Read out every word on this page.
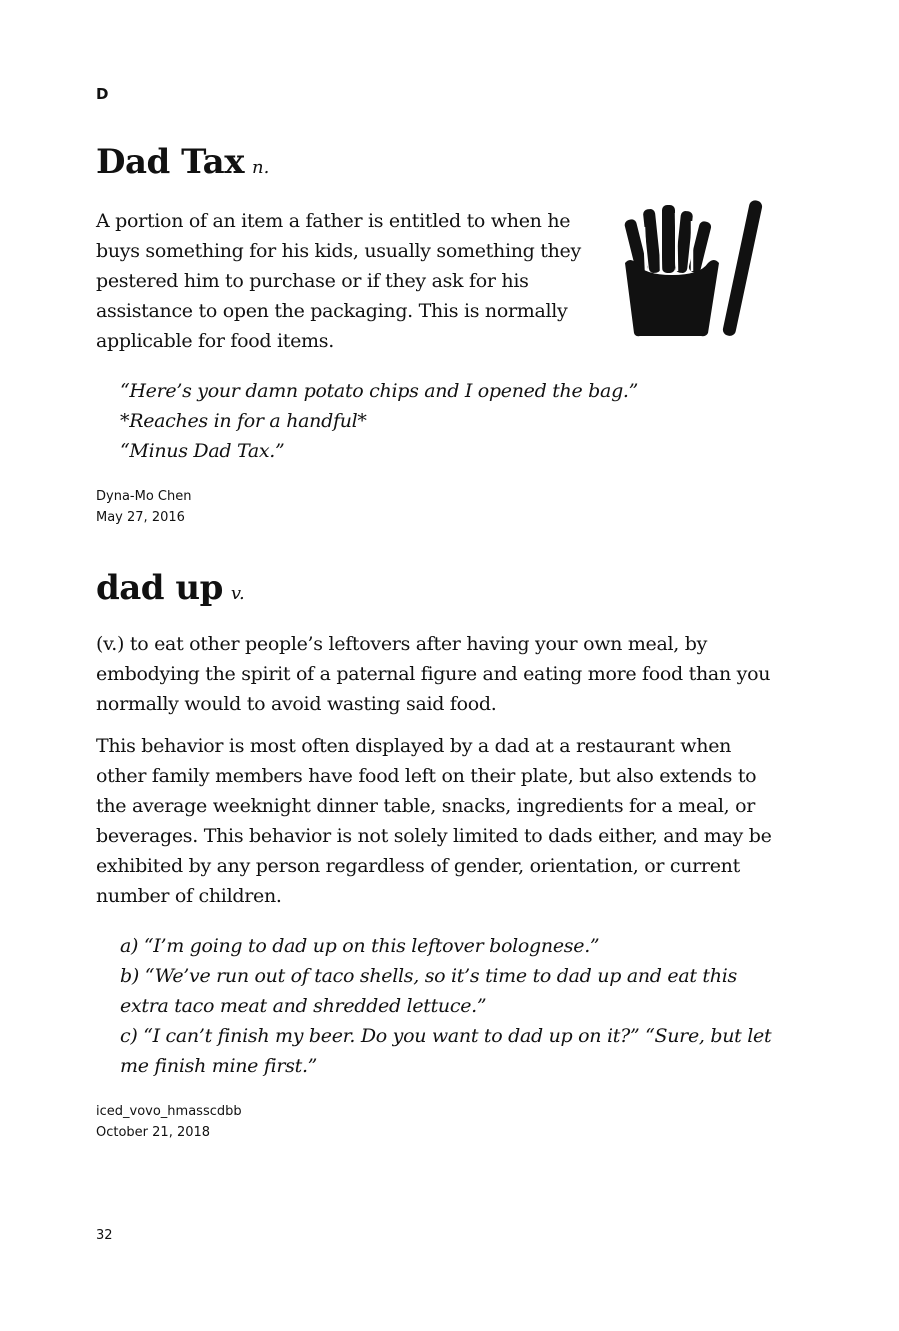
D
Dad Tax n.

A portion of an item a father is entitled to when he buys something for his kids, usually something they pestered him to purchase or if they ask for his assistance to open the packaging. This is normally applicable for food items.

“Here’s your damn potato chips and I opened the bag.”
*Reaches in for a handful*
“Minus Dad Tax.”
Dyna-Mo Chen
May 27, 2016
dad up v.

(v.) to eat other people’s leftovers after having your own meal, by embodying the spirit of a paternal figure and eating more food than you normally would to avoid wasting said food.

This behavior is most often displayed by a dad at a restaurant when other family members have food left on their plate, but also extends to the average weeknight dinner table, snacks, ingredients for a meal, or beverages. This behavior is not solely limited to dads either, and may be exhibited by any person regardless of gender, orientation, or current number of children.

a) “I’m going to dad up on this leftover bolognese.”
b) “We’ve run out of taco shells, so it’s time to dad up and eat this extra taco meat and shredded lettuce.”
c) “I can’t finish my beer. Do you want to dad up on it?” “Sure, but let me finish mine first.”
iced_vovo_hmasscdbb
October 21, 2018
32
